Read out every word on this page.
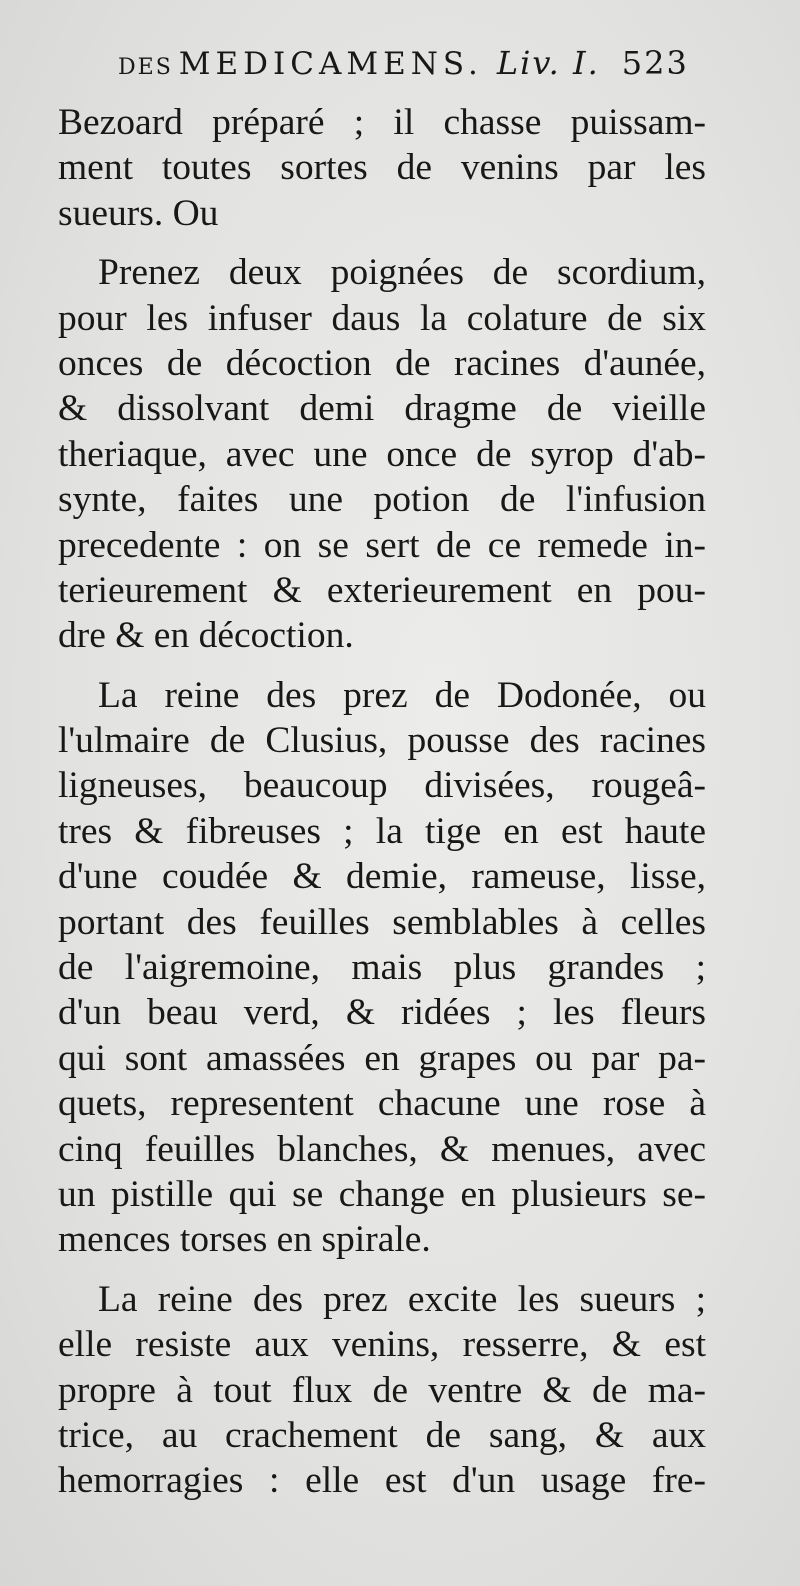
DES MEDICAMENS. Liv. I. 523
Bezoard préparé ; il chasse puissam-
ment toutes sortes de venins par les
sueurs. Ou
Prenez deux poignées de scordium,
pour les infuser daus la colature de six
onces de décoction de racines d'aunée,
& dissolvant demi dragme de vieille
theriaque, avec une once de syrop d'ab-
synte, faites une potion de l'infusion
precedente : on se sert de ce remede in-
terieurement & exterieurement en pou-
dre & en décoction.
La reine des prez de Dodonée, ou
l'ulmaire de Clusius, pousse des racines
ligneuses, beaucoup divisées, rougeâ-
tres & fibreuses ; la tige en est haute
d'une coudée & demie, rameuse, lisse,
portant des feuilles semblables à celles
de l'aigremoine, mais plus grandes ;
d'un beau verd, & ridées ; les fleurs
qui sont amassées en grapes ou par pa-
quets, representent chacune une rose à
cinq feuilles blanches, & menues, avec
un pistille qui se change en plusieurs se-
mences torses en spirale.
La reine des prez excite les sueurs ;
elle resiste aux venins, resserre, & est
propre à tout flux de ventre & de ma-
trice, au crachement de sang, & aux
hemorragies : elle est d'un usage fre-
